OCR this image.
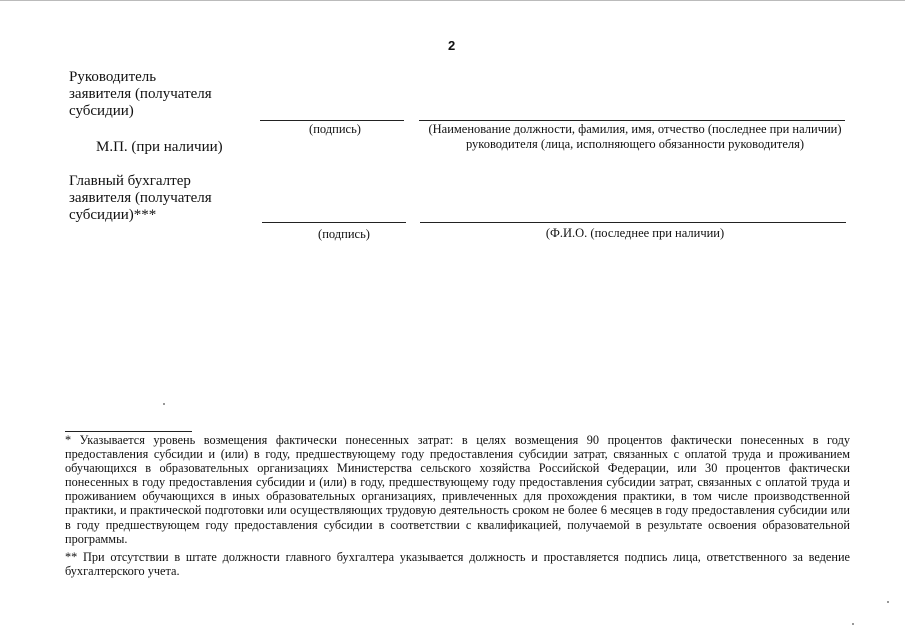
2
Руководитель
заявителя (получателя
субсидии)
М.П. (при наличии)
(подпись)	(Наименование должности, фамилия, имя, отчество (последнее при наличии) руководителя (лица, исполняющего обязанности руководителя)
Главный бухгалтер
заявителя (получателя
субсидии)***
(подпись)	(Ф.И.О. (последнее при наличии)
* Указывается уровень возмещения фактически понесенных затрат: в целях возмещения 90 процентов фактически понесенных в году предоставления субсидии и (или) в году, предшествующему году предоставления субсидии затрат, связанных с оплатой труда и проживанием обучающихся в образовательных организациях Министерства сельского хозяйства Российской Федерации, или 30 процентов фактически понесенных в году предоставления субсидии и (или) в году, предшествующему году предоставления субсидии затрат, связанных с оплатой труда и проживанием обучающихся в иных образовательных организациях, привлеченных для прохождения практики, в том числе производственной практики, и практической подготовки или осуществляющих трудовую деятельность сроком не более 6 месяцев в году предоставления субсидии или в году предшествующем году предоставления субсидии в соответствии с квалификацией, получаемой в результате освоения образовательной программы.
** При отсутствии в штате должности главного бухгалтера указывается должность и проставляется подпись лица, ответственного за ведение бухгалтерского учета.
